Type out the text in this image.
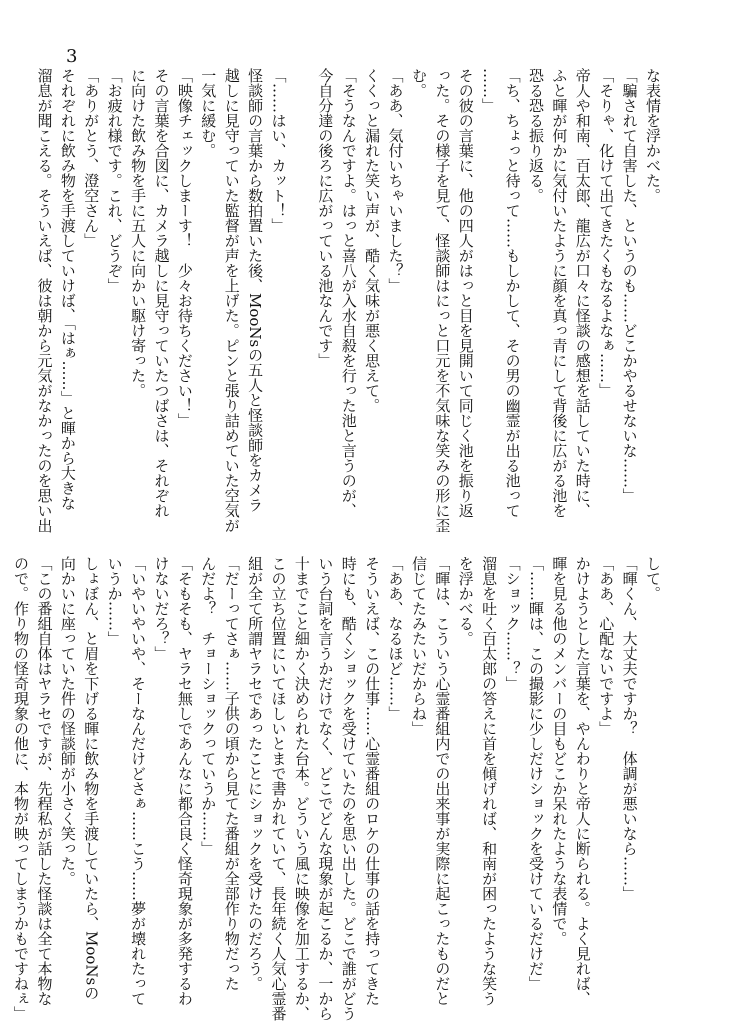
3

な表情を浮かべた。

「騙されて自害した、というのも……どこかやるせないな……」

「そりゃ、化けて出てきたくもなるよなぁ……」

帝人や和南、百太郎、龍広が口々に怪談の感想を話していた時に、

ふと暉が何かに気付いたように顔を真っ青にして背後に広がる池を

恐る恐る振り返る。

「ち、ちょっと待って……もしかして、その男の幽霊が出る池って

……」

その彼の言葉に、他の四人がはっと目を見開いて同じく池を振り返

った。その様子を見て、怪談師はにっと口元を不気味な笑みの形に歪

む。

「ああ、気付いちゃいました？」

くくっと漏れた笑い声が、酷く気味が悪く思えて。

「そうなんですよ。はっと喜八が入水自殺を行った池と言うのが、

今自分達の後ろに広がっている池なんです」

「……はい、カット！」

怪談師の言葉から数拍置いた後、MooNsの五人と怪談師をカメラ

越しに見守っていた監督が声を上げた。ピンと張り詰めていた空気が

一気に緩む。

「映像チェックしまーす！　少々お待ちください！」

その言葉を合図に、カメラ越しに見守っていたつばさは、それぞれ

に向けた飲み物を手に五人に向かい駆け寄った。

「お疲れ様です。これ、どうぞ」

「ありがとう、澄空さん」

それぞれに飲み物を手渡していけば、「はぁ……」と暉から大きな

溜息が聞こえる。そういえば、彼は朝から元気がなかったのを思い出

して。

「暉くん、大丈夫ですか？　体調が悪いなら……」

「ああ、心配ないですよ」

かけようとした言葉を、やんわりと帝人に断られる。よく見れば、

暉を見る他のメンバーの目もどこか呆れたような表情で。

「……暉は、この撮影に少しだけショックを受けているだけだ」

「ショック……？」

溜息を吐く百太郎の答えに首を傾げれば、和南が困ったような笑う

を浮かべる。

「暉は、こういう心霊番組内での出来事が実際に起こったものだと

信じてたみたいだからね」

「ああ、なるほど……」

そういえば、この仕事……心霊番組のロケの仕事の話を持ってきた

時にも、酷くショックを受けていたのを思い出した。どこで誰がどう

いう台詞を言うかだけでなく、どこでどんな現象が起こるか、一から

十までこと細かく決められた台本。どういう風に映像を加工するか、

この立ち位置にいてほしいとまで書かれていて、長年続く人気心霊番

組が全て所謂ヤラセであったことにショックを受けたのだろう。

「だーってさぁ……子供の頃から見てた番組が全部作り物だった

んだよ？　チョーショックっていうか……」

「そもそも、ヤラセ無しであんなに都合良く怪奇現象が多発するわ

けないだろ？」

「いやいやいや、そーなんだけどさぁ……こう……夢が壊れたって

いうか……」

しょぼん、と眉を下げる暉に飲み物を手渡していたら、MooNsの

向かいに座っていた件の怪談師が小さく笑った。

「この番組自体はヤラセですが、先程私が話した怪談は全て本物な

ので。作り物の怪奇現象の他に、本物が映ってしまうかもですねぇ」
